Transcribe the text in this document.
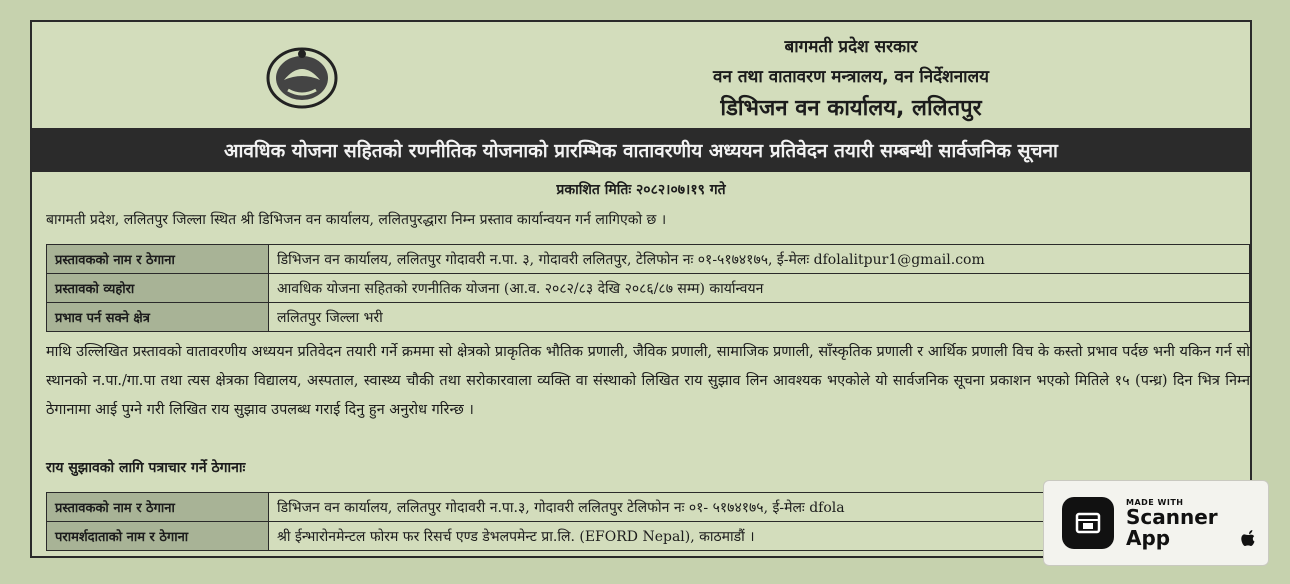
बागमती प्रदेश सरकार
वन तथा वातावरण मन्त्रालय, वन निर्देशनालय
डिभिजन वन कार्यालय, ललितपुर
आवधिक योजना सहितको रणनीतिक योजनाको प्रारम्भिक वातावरणीय अध्ययन प्रतिवेदन तयारी सम्बन्धी सार्वजनिक सूचना
प्रकाशित मितिः २०८२।०७।१९ गते
बागमती प्रदेश, ललितपुर जिल्ला स्थित श्री डिभिजन वन कार्यालय, ललितपुरद्धारा निम्न प्रस्ताव कार्यान्वयन गर्न लागिएको छ ।
प्रस्तावकको नाम र ठेगाना	डिभिजन वन कार्यालय, ललितपुर गोदावरी न.पा. ३, गोदावरी ललितपुर, टेलिफोन नः ०१-५१७४१७५, ई-मेलः dfolalitpur1@gmail.com
प्रस्तावको व्यहोरा	आवधिक योजना सहितको रणनीतिक योजना (आ.व. २०८२/८३ देखि २०८६/८७ सम्म) कार्यान्वयन
प्रभाव पर्न सक्ने क्षेत्र	ललितपुर जिल्ला भरी
माथि उल्लिखित प्रस्तावको वातावरणीय अध्ययन प्रतिवेदन तयारी गर्ने क्रममा सो क्षेत्रको प्राकृतिक भौतिक प्रणाली, जैविक प्रणाली, सामाजिक प्रणाली, साँस्कृतिक प्रणाली र आर्थिक प्रणाली विच के कस्तो प्रभाव पर्दछ भनी यकिन गर्न सो स्थानको न.पा./गा.पा तथा त्यस क्षेत्रका विद्यालय, अस्पताल, स्वास्थ्य चौकी तथा सरोकारवाला व्यक्ति वा संस्थाको लिखित राय सुझाव लिन आवश्यक भएकोले यो सार्वजनिक सूचना प्रकाशन भएको मितिले १५ (पन्ध्र) दिन भित्र निम्न ठेगानामा आई पुग्ने गरी लिखित राय सुझाव उपलब्ध गराई दिनु हुन अनुरोध गरिन्छ ।
राय सुझावको लागि पत्राचार गर्ने ठेगानाः
प्रस्तावकको नाम र ठेगाना	डिभिजन वन कार्यालय, ललितपुर गोदावरी न.पा.३, गोदावरी ललितपुर टेलिफोन नः ०१- ५१७४१७५, ई-मेलः dfola
परामर्शदाताको नाम र ठेगाना	श्री ईन्भारोनमेन्टल फोरम फर रिसर्च एण्ड डेभलपमेन्ट प्रा.लि. (EFORD Nepal), काठमाडौं ।
MADE WITH
Scanner
App
